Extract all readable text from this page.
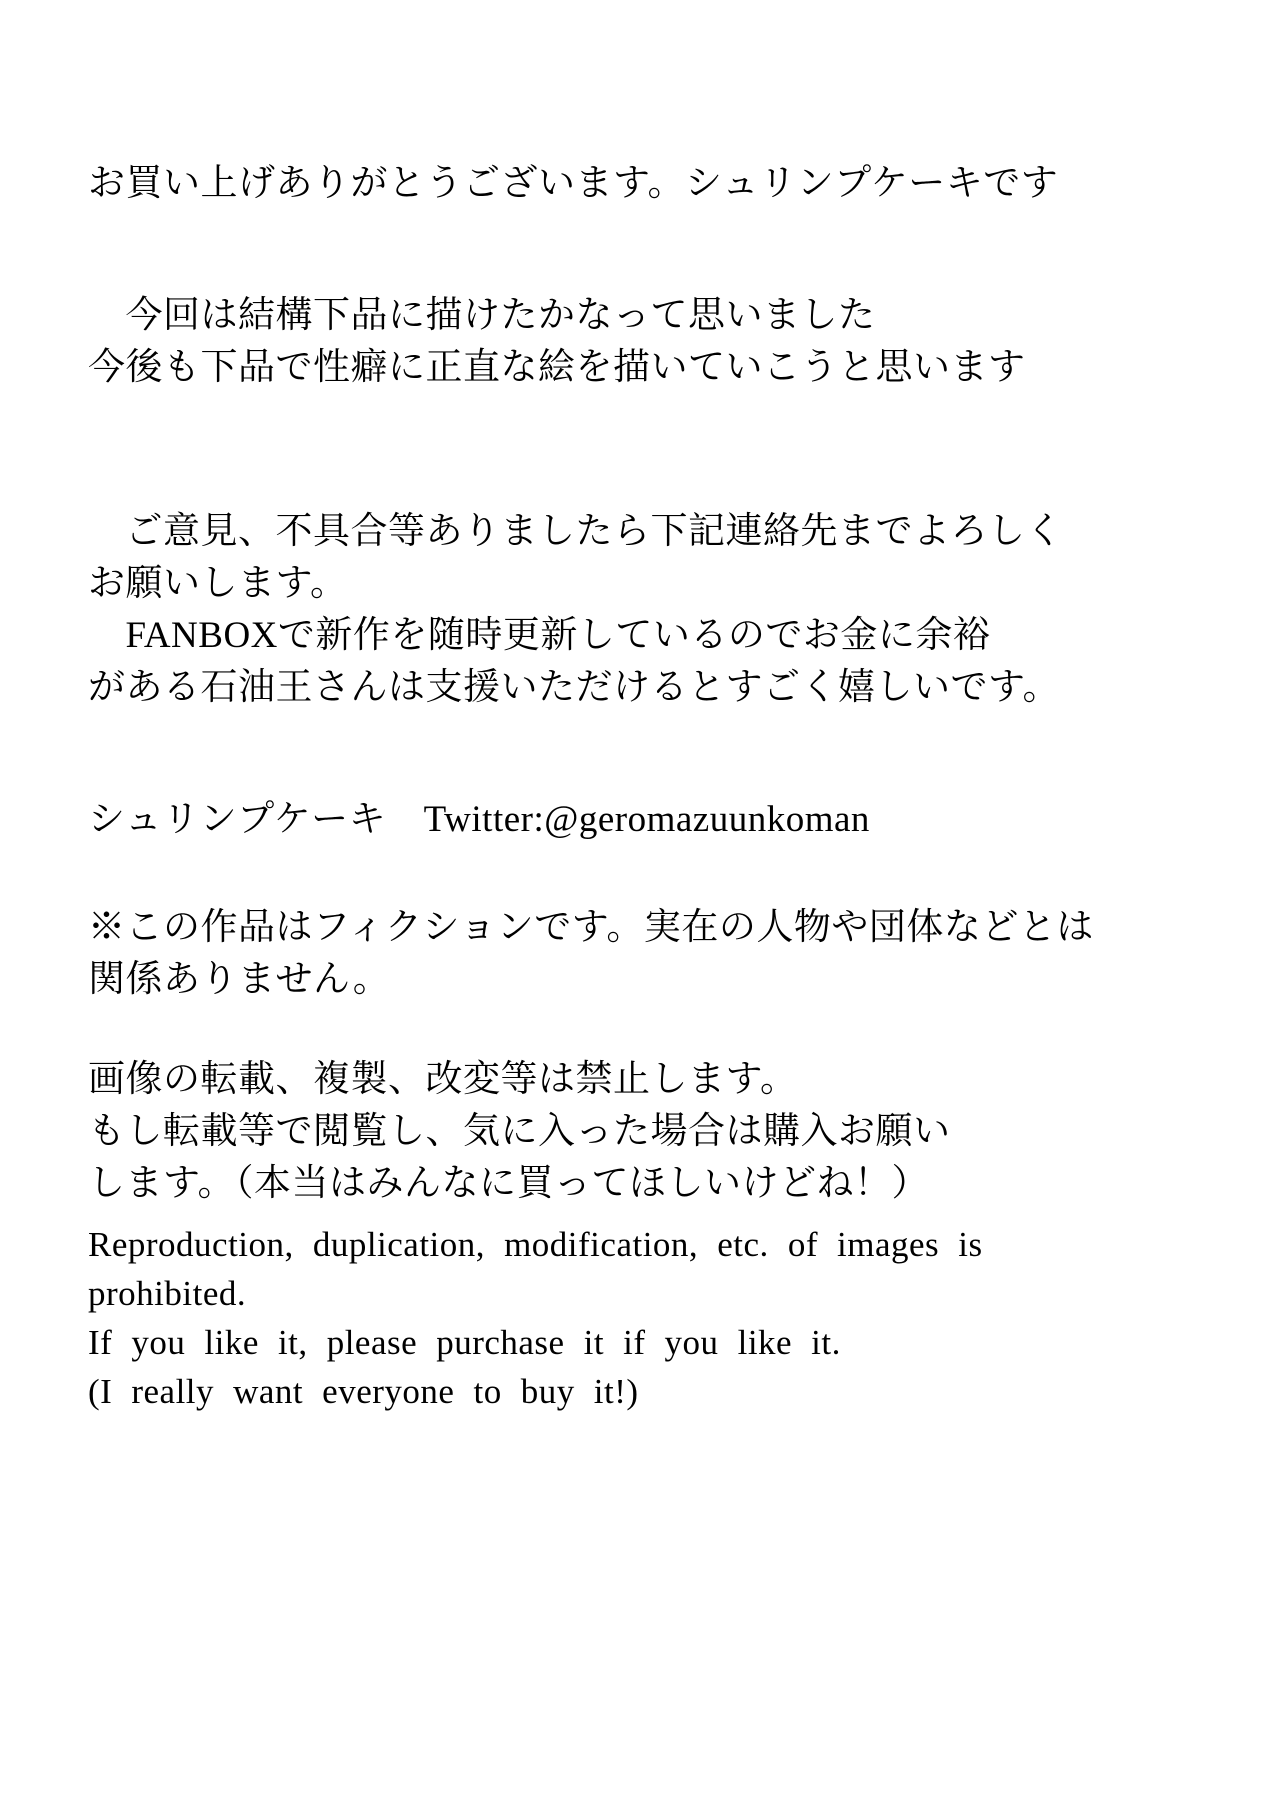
お買い上げありがとうございます。シュリンプケーキです
　今回は結構下品に描けたかなって思いました
今後も下品で性癖に正直な絵を描いていこうと思います
　ご意見、不具合等ありましたら下記連絡先までよろしく
お願いします。
　FANBOXで新作を随時更新しているのでお金に余裕
がある石油王さんは支援いただけるとすごく嬉しいです。
シュリンプケーキ　Twitter:@geromazuunkoman
※この作品はフィクションです。実在の人物や団体などとは
関係ありません。
画像の転載、複製、改変等は禁止します。
もし転載等で閲覧し、気に入った場合は購入お願い
します。（本当はみんなに買ってほしいけどね！）
Reproduction, duplication, modification, etc. of images is
prohibited.
If you like it, please purchase it if you like it.
(I really want everyone to buy it!)
